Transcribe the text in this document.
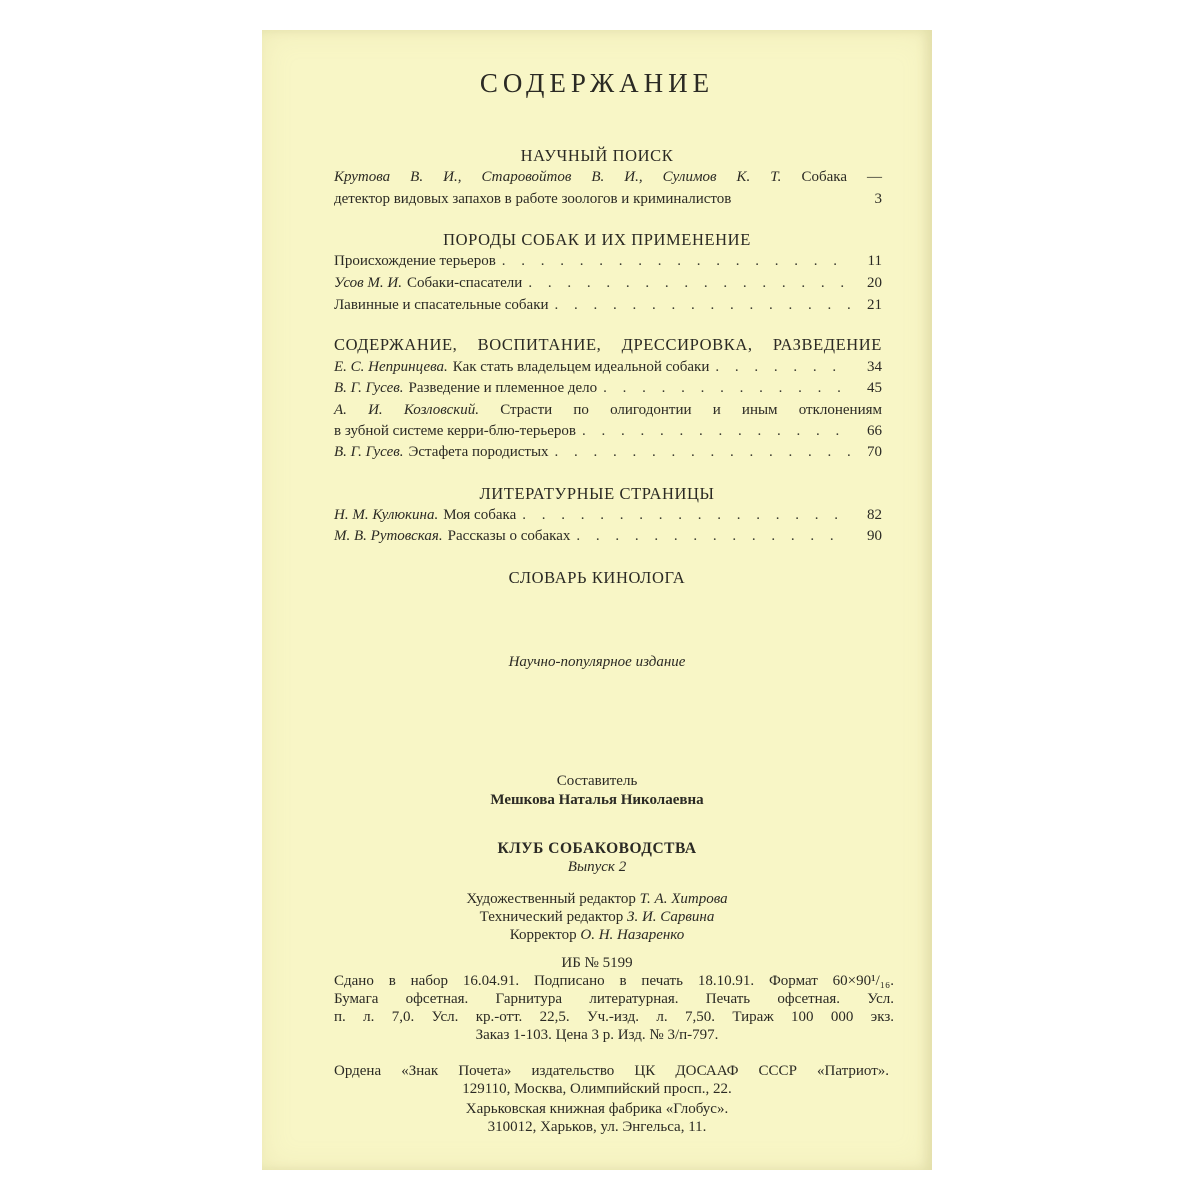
СОДЕРЖАНИЕ
НАУЧНЫЙ ПОИСК
Крутова В. И., Старовойтов В. И., Сулимов К. Т. Собака —
детектор видовых запахов в работе зоологов и криминалистов	3
ПОРОДЫ СОБАК И ИХ ПРИМЕНЕНИЕ
Происхождение терьеров . . .	11
Усов М. И. Собаки-спасатели . . .	20
Лавинные и спасательные собаки . . .	21
СОДЕРЖАНИЕ, ВОСПИТАНИЕ, ДРЕССИРОВКА, РАЗВЕДЕНИЕ
Е. С. Непринцева. Как стать владельцем идеальной собаки . . .	34
В. Г. Гусев. Разведение и племенное дело . . .	45
А. И. Козловский. Страсти по олигодонтии и иным отклонениям
в зубной системе керри-блю-терьеров . . .	66
В. Г. Гусев. Эстафета породистых . . .	70
ЛИТЕРАТУРНЫЕ СТРАНИЦЫ
Н. М. Кулюкина. Моя собака . . .	82
М. В. Рутовская. Рассказы о собаках . . .	90
СЛОВАРЬ КИНОЛОГА
Научно-популярное издание
Составитель
Мешкова Наталья Николаевна
КЛУБ СОБАКОВОДСТВА
Выпуск 2
Художественный редактор Т. А. Хитрова
Технический редактор З. И. Сарвина
Корректор О. Н. Назаренко
ИБ № 5199
Сдано в набор 16.04.91. Подписано в печать 18.10.91. Формат 60×90¹/₁₆.
Бумага офсетная. Гарнитура литературная. Печать офсетная. Усл.
п. л. 7,0. Усл. кр.-отт. 22,5. Уч.-изд. л. 7,50. Тираж 100 000 экз.
Заказ 1-103. Цена 3 р. Изд. № 3/п-797.
Ордена «Знак Почета» издательство ЦК ДОСААФ СССР «Патриот».
129110, Москва, Олимпийский просп., 22.
Харьковская книжная фабрика «Глобус».
310012, Харьков, ул. Энгельса, 11.
